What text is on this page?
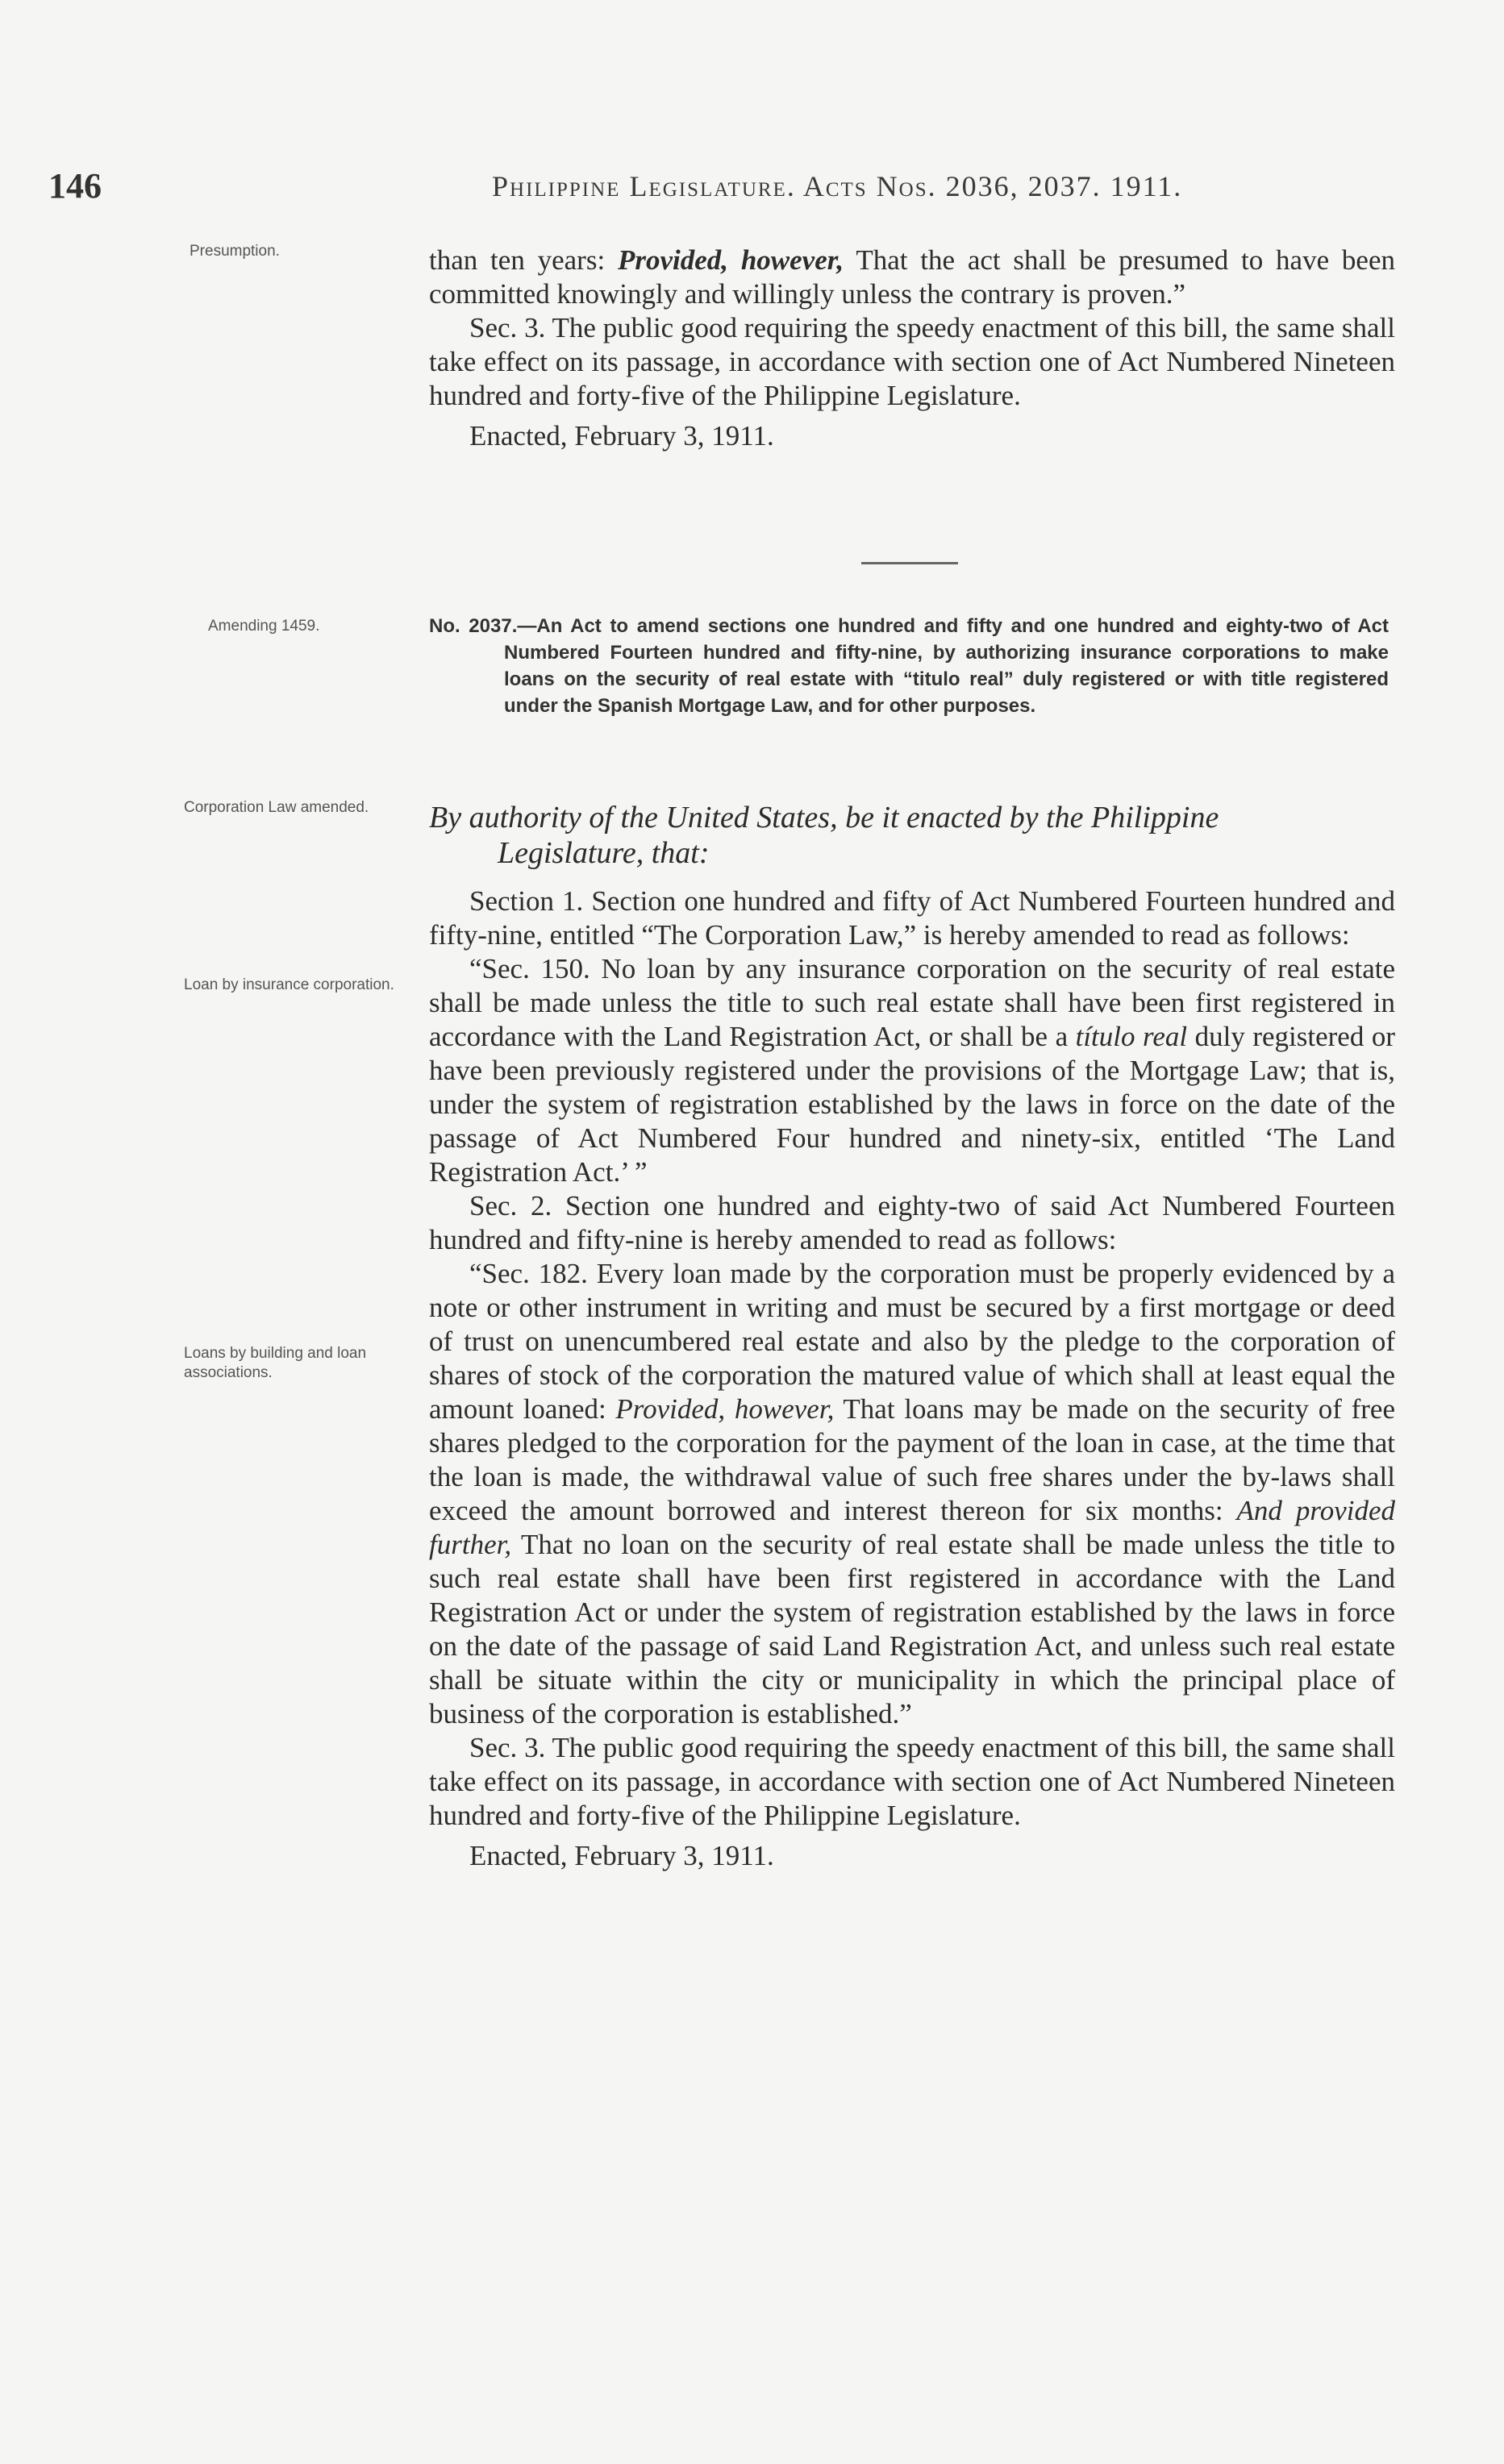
146	Philippine Legislature. Acts Nos. 2036, 2037. 1911.
Presumption.
Amending 1459.
Corporation Law amended.
Loan by insurance corporation.
Loans by building and loan associations.

than ten years: Provided, however, That the act shall be presumed to have been committed knowingly and willingly unless the contrary is proven.”

Sec. 3. The public good requiring the speedy enactment of this bill, the same shall take effect on its passage, in accordance with section one of Act Numbered Nineteen hundred and forty-five of the Philippine Legislature.

Enacted, February 3, 1911.

No. 2037.—An Act to amend sections one hundred and fifty and one hundred and eighty-two of Act Numbered Fourteen hundred and fifty-nine, by authorizing insurance corporations to make loans on the security of real estate with “titulo real” duly registered or with title registered under the Spanish Mortgage Law, and for other purposes.
By authority of the United States, be it enacted by the Philippine
Legislature, that:

Section 1. Section one hundred and fifty of Act Numbered Fourteen hundred and fifty-nine, entitled “The Corporation Law,” is hereby amended to read as follows:

“Sec. 150. No loan by any insurance corporation on the security of real estate shall be made unless the title to such real estate shall have been first registered in accordance with the Land Registration Act, or shall be a título real duly registered or have been previously registered under the provisions of the Mortgage Law; that is, under the system of registration established by the laws in force on the date of the passage of Act Numbered Four hundred and ninety-six, entitled ‘The Land Registration Act.’ ”

Sec. 2. Section one hundred and eighty-two of said Act Numbered Fourteen hundred and fifty-nine is hereby amended to read as follows:

“Sec. 182. Every loan made by the corporation must be properly evidenced by a note or other instrument in writing and must be secured by a first mortgage or deed of trust on unencumbered real estate and also by the pledge to the corporation of shares of stock of the corporation the matured value of which shall at least equal the amount loaned: Provided, however, That loans may be made on the security of free shares pledged to the corporation for the payment of the loan in case, at the time that the loan is made, the withdrawal value of such free shares under the by-laws shall exceed the amount borrowed and interest thereon for six months: And provided further, That no loan on the security of real estate shall be made unless the title to such real estate shall have been first registered in accordance with the Land Registration Act or under the system of registration established by the laws in force on the date of the passage of said Land Registration Act, and unless such real estate shall be situate within the city or municipality in which the principal place of business of the corporation is established.”

Sec. 3. The public good requiring the speedy enactment of this bill, the same shall take effect on its passage, in accordance with section one of Act Numbered Nineteen hundred and forty-five of the Philippine Legislature.

Enacted, February 3, 1911.
